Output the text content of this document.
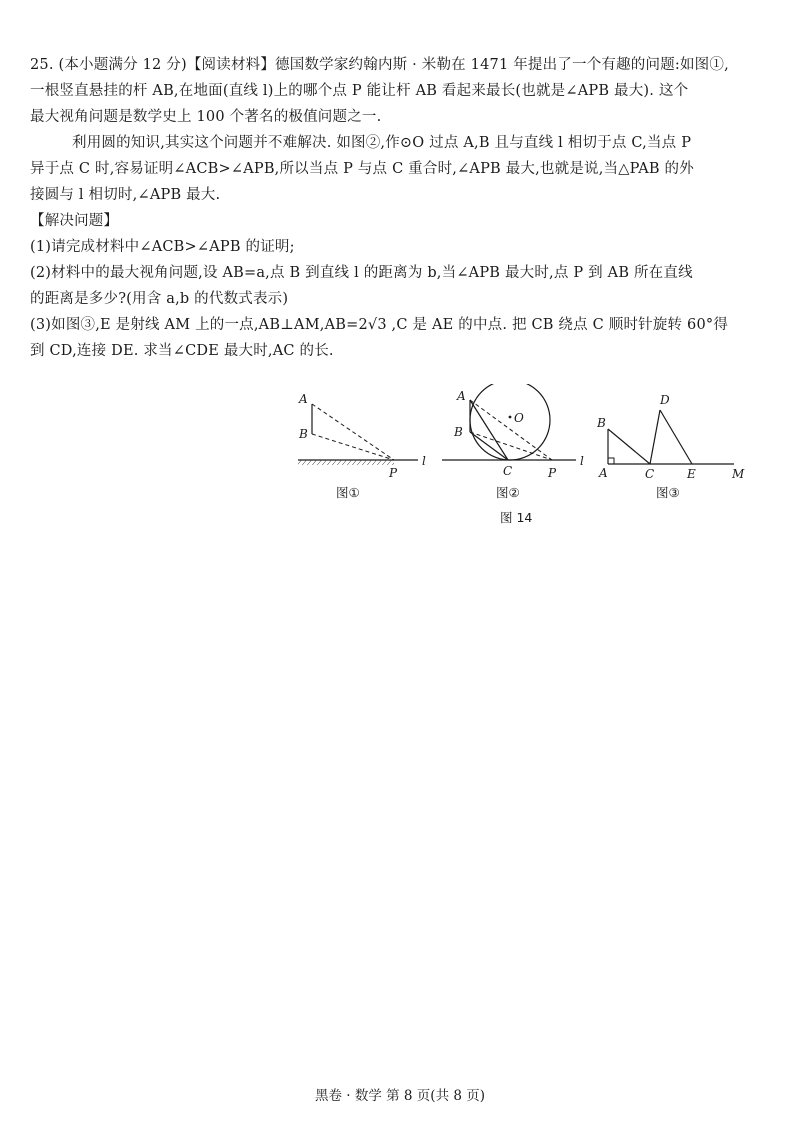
25. (本小题满分 12 分)【阅读材料】德国数学家约翰内斯 · 米勒在 1471 年提出了一个有趣的问题:如图①,
一根竖直悬挂的杆 AB,在地面(直线 l)上的哪个点 P 能让杆 AB 看起来最长(也就是∠APB 最大). 这个
最大视角问题是数学史上 100 个著名的极值问题之一.
利用圆的知识,其实这个问题并不难解决. 如图②,作⊙O 过点 A,B 且与直线 l 相切于点 C,当点 P
异于点 C 时,容易证明∠ACB>∠APB,所以当点 P 与点 C 重合时,∠APB 最大,也就是说,当△PAB 的外
接圆与 l 相切时,∠APB 最大.
【解决问题】
(1)请完成材料中∠ACB>∠APB 的证明;
(2)材料中的最大视角问题,设 AB=a,点 B 到直线 l 的距离为 b,当∠APB 最大时,点 P 到 AB 所在直线
的距离是多少?(用含 a,b 的代数式表示)
(3)如图③,E 是射线 AM 上的一点,AB⊥AM,AB=2√3 ,C 是 AE 的中点. 把 CB 绕点 C 顺时针旋转 60°得
到 CD,连接 DE. 求当∠CDE 最大时,AC 的长.
A
B
P
l
图①
A
B
O
C	P
l
图②
B
A	C
D
E	M
图③
图 14
黑卷 · 数学 第 8 页(共 8 页)
